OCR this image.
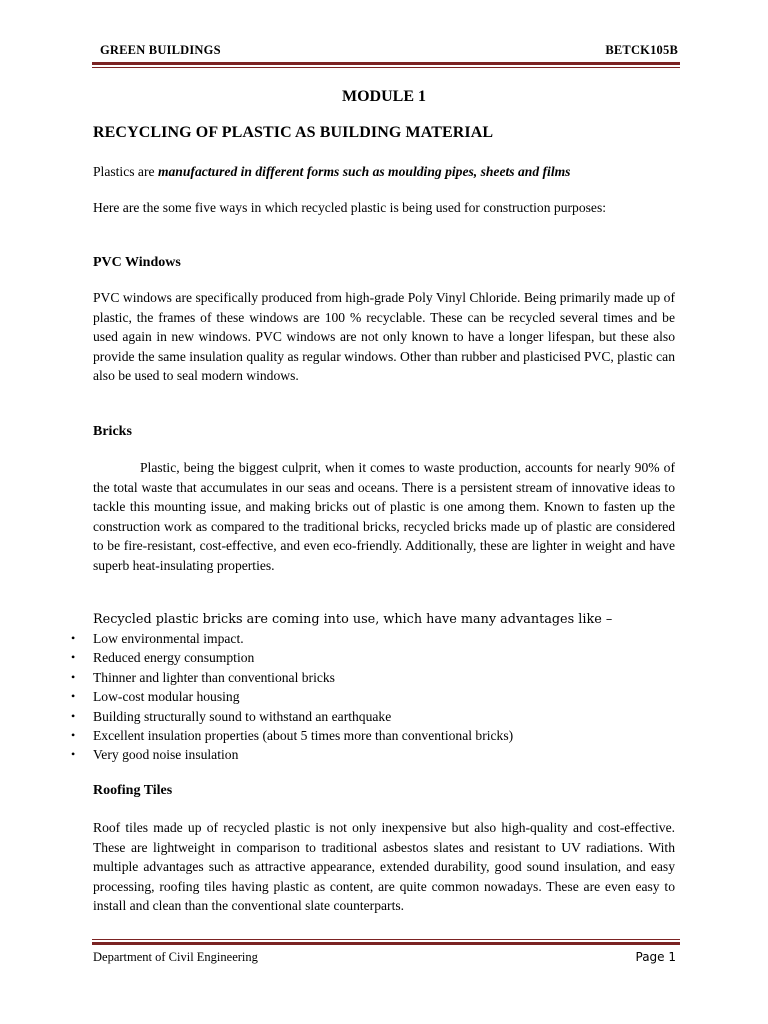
GREEN BUILDINGS	BETCK105B
MODULE 1
RECYCLING OF PLASTIC AS BUILDING MATERIAL
Plastics are manufactured in different forms such as moulding pipes, sheets and films
Here are the some five ways in which recycled plastic is being used for construction purposes:
PVC Windows
PVC windows are specifically produced from high-grade Poly Vinyl Chloride. Being primarily made up of plastic, the frames of these windows are 100 % recyclable. These can be recycled several times and be used again in new windows. PVC windows are not only known to have a longer lifespan, but these also provide the same insulation quality as regular windows. Other than rubber and plasticised PVC, plastic can also be used to seal modern windows.
Bricks
Plastic, being the biggest culprit, when it comes to waste production, accounts for nearly 90% of the total waste that accumulates in our seas and oceans. There is a persistent stream of innovative ideas to tackle this mounting issue, and making bricks out of plastic is one among them. Known to fasten up the construction work as compared to the traditional bricks, recycled bricks made up of plastic are considered to be fire-resistant, cost-effective, and even eco-friendly. Additionally, these are lighter in weight and have superb heat-insulating properties.
Recycled plastic bricks are coming into use, which have many advantages like –
• Low environmental impact.
• Reduced energy consumption
• Thinner and lighter than conventional bricks
• Low-cost modular housing
• Building structurally sound to withstand an earthquake
• Excellent insulation properties (about 5 times more than conventional bricks)
• Very good noise insulation
Roofing Tiles
Roof tiles made up of recycled plastic is not only inexpensive but also high-quality and cost-effective. These are lightweight in comparison to traditional asbestos slates and resistant to UV radiations. With multiple advantages such as attractive appearance, extended durability, good sound insulation, and easy processing, roofing tiles having plastic as content, are quite common nowadays. These are even easy to install and clean than the conventional slate counterparts.
Department of Civil Engineering	Page 1
